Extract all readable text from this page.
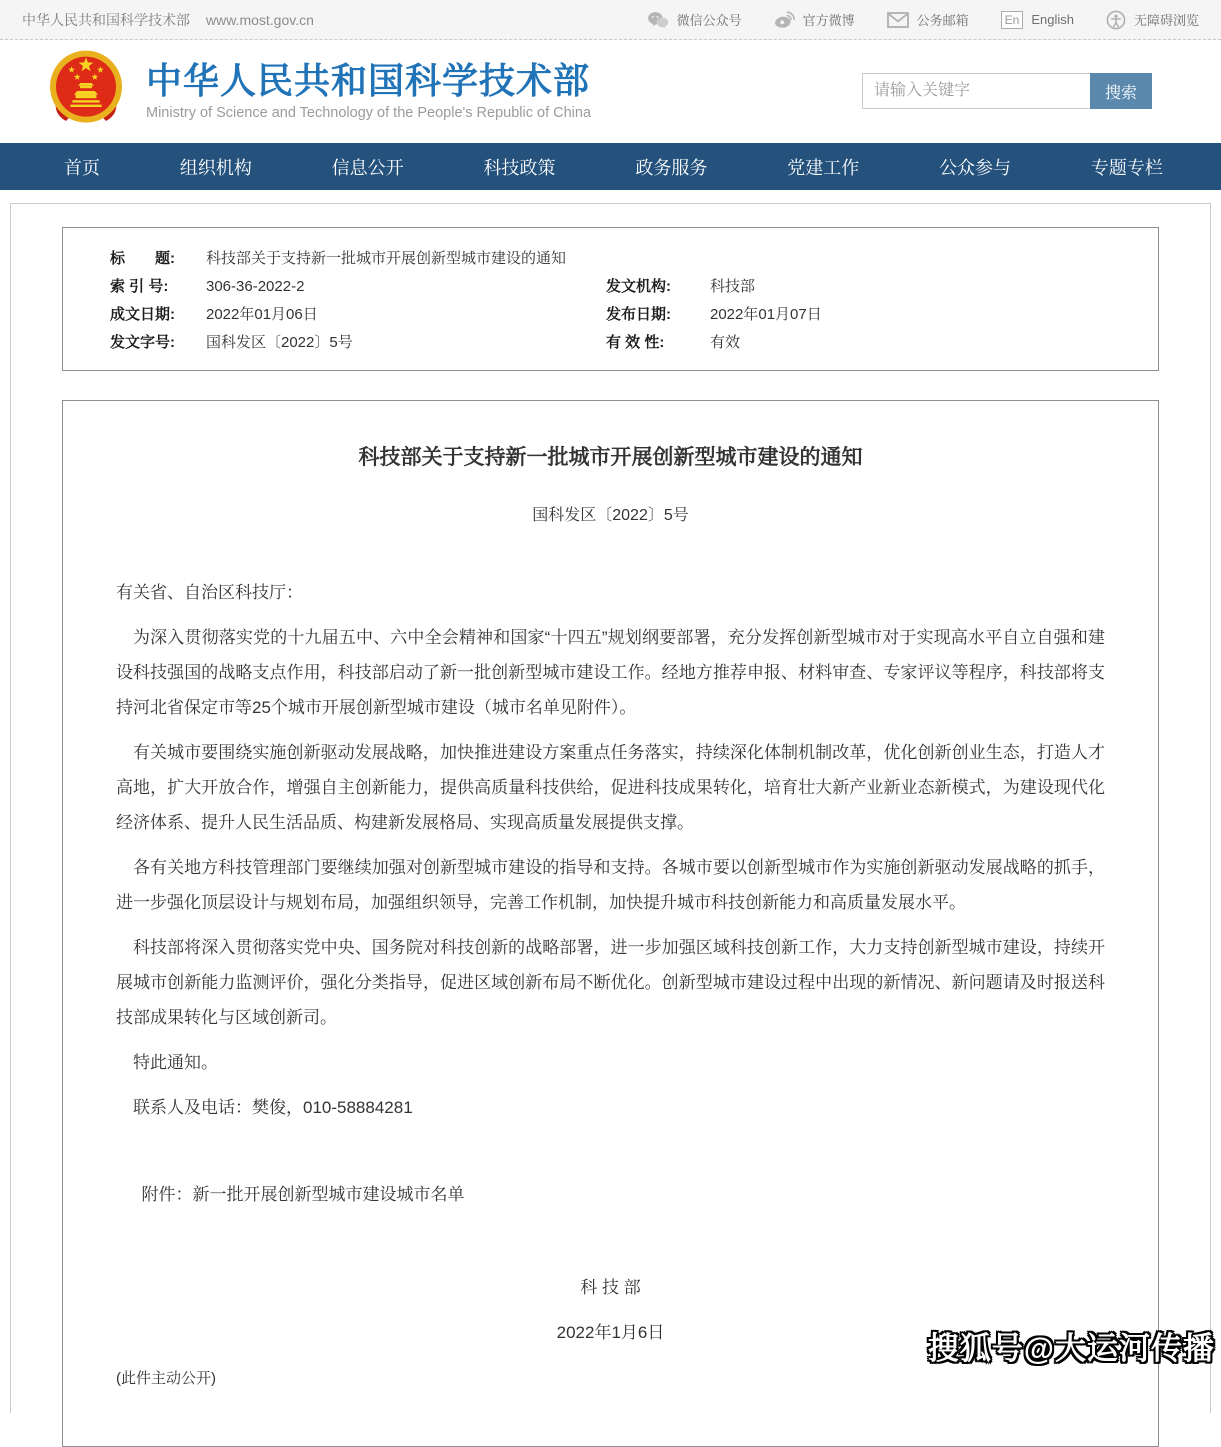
中华人民共和国科学技术部 www.most.gov.cn	微信公众号	官方微博	公务邮箱	En English	无障碍浏览
中华人民共和国科学技术部
Ministry of Science and Technology of the People's Republic of China
请输入关键字
搜索
首页	组织机构	信息公开	科技政策	政务服务	党建工作	公众参与	专题专栏
标　　题:	科技部关于支持新一批城市开展创新型城市建设的通知
索 引 号:	306-36-2022-2	发文机构:	科技部
成文日期:	2022年01月06日	发布日期:	2022年01月07日
发文字号:	国科发区〔2022〕5号	有 效 性:	有效
科技部关于支持新一批城市开展创新型城市建设的通知
国科发区〔2022〕5号

有关省、自治区科技厅：

为深入贯彻落实党的十九届五中、六中全会精神和国家“十四五”规划纲要部署，充分发挥创新型城市对于实现高水平自立自强和建设科技强国的战略支点作用，科技部启动了新一批创新型城市建设工作。经地方推荐申报、材料审查、专家评议等程序，科技部将支持河北省保定市等25个城市开展创新型城市建设（城市名单见附件）。

有关城市要围绕实施创新驱动发展战略，加快推进建设方案重点任务落实，持续深化体制机制改革，优化创新创业生态，打造人才高地，扩大开放合作，增强自主创新能力，提供高质量科技供给，促进科技成果转化，培育壮大新产业新业态新模式，为建设现代化经济体系、提升人民生活品质、构建新发展格局、实现高质量发展提供支撑。

各有关地方科技管理部门要继续加强对创新型城市建设的指导和支持。各城市要以创新型城市作为实施创新驱动发展战略的抓手，进一步强化顶层设计与规划布局，加强组织领导，完善工作机制，加快提升城市科技创新能力和高质量发展水平。

科技部将深入贯彻落实党中央、国务院对科技创新的战略部署，进一步加强区域科技创新工作，大力支持创新型城市建设，持续开展城市创新能力监测评价，强化分类指导，促进区域创新布局不断优化。创新型城市建设过程中出现的新情况、新问题请及时报送科技部成果转化与区域创新司。

特此通知。

联系人及电话：樊俊，010-58884281

附件：新一批开展创新型城市建设城市名单

科 技 部
2022年1月6日

(此件主动公开)

搜狐号@大运河传播
